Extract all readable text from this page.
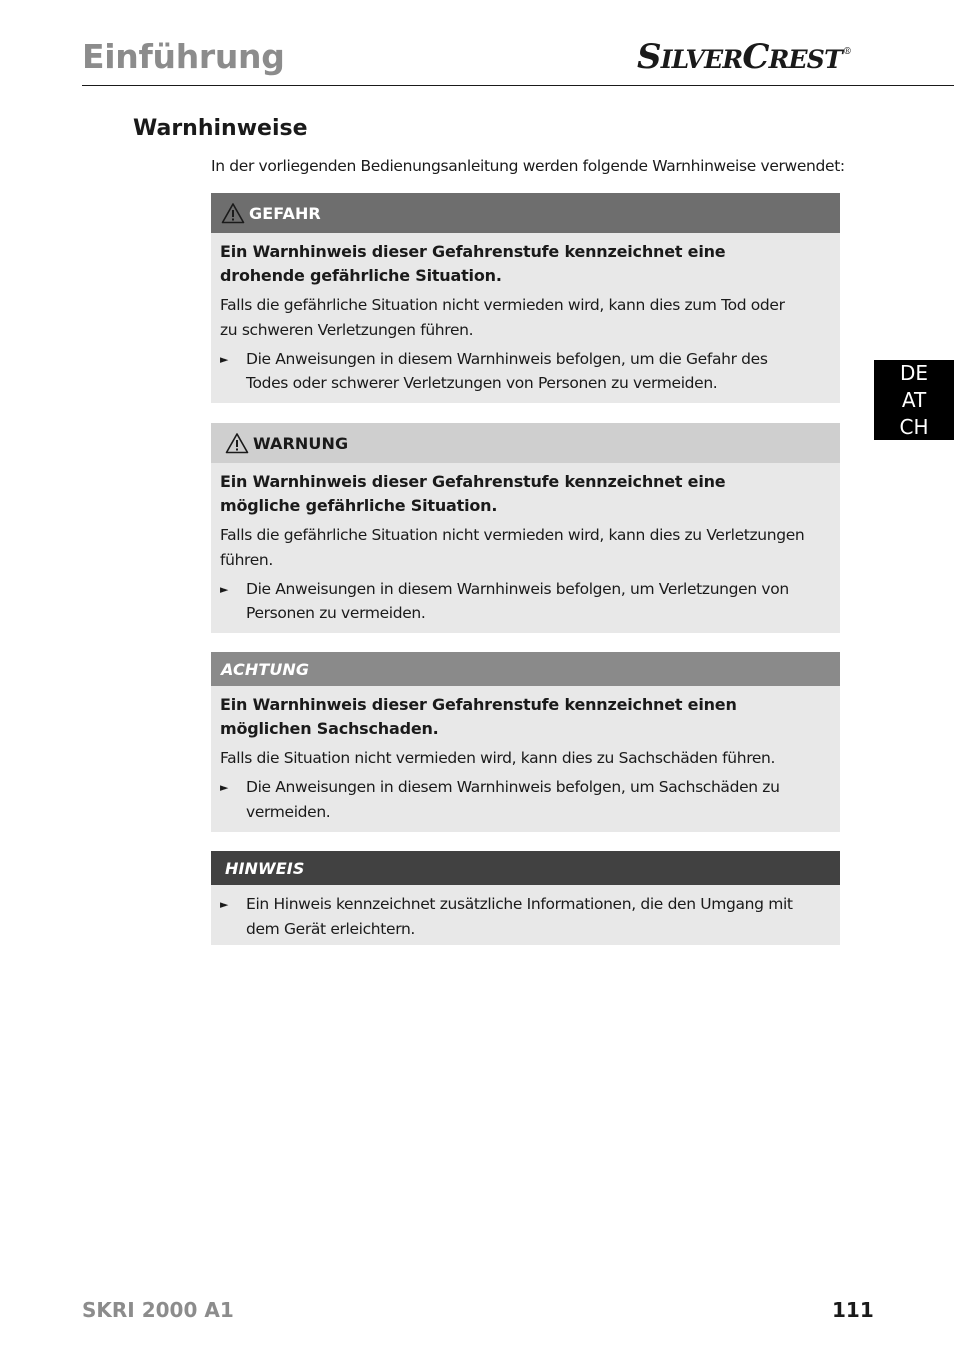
Einführung	SILVERCREST®
Warnhinweise

In der vorliegenden Bedienungsanleitung werden folgende Warnhinweise verwendet:

GEFAHR

Ein Warnhinweis dieser Gefahrenstufe kennzeichnet eine
drohende gefährliche Situation.

Falls die gefährliche Situation nicht vermieden wird, kann dies zum Tod oder
zu schweren Verletzungen führen.

►	Die Anweisungen in diesem Warnhinweis befolgen, um die Gefahr des
Todes oder schwerer Verletzungen von Personen zu vermeiden.
WARNUNG

Ein Warnhinweis dieser Gefahrenstufe kennzeichnet eine
mögliche gefährliche Situation.

Falls die gefährliche Situation nicht vermieden wird, kann dies zu Verletzungen
führen.

►	Die Anweisungen in diesem Warnhinweis befolgen, um Verletzungen von
Personen zu vermeiden.
ACHTUNG

Ein Warnhinweis dieser Gefahrenstufe kennzeichnet einen
möglichen Sachschaden.

Falls die Situation nicht vermieden wird, kann dies zu Sachschäden führen.

►	Die Anweisungen in diesem Warnhinweis befolgen, um Sachschäden zu
vermeiden.
HINWEIS
►	Ein Hinweis kennzeichnet zusätzliche Informationen, die den Umgang mit
dem Gerät erleichtern.
DE
AT
CH

SKRI 2000 A1	111
